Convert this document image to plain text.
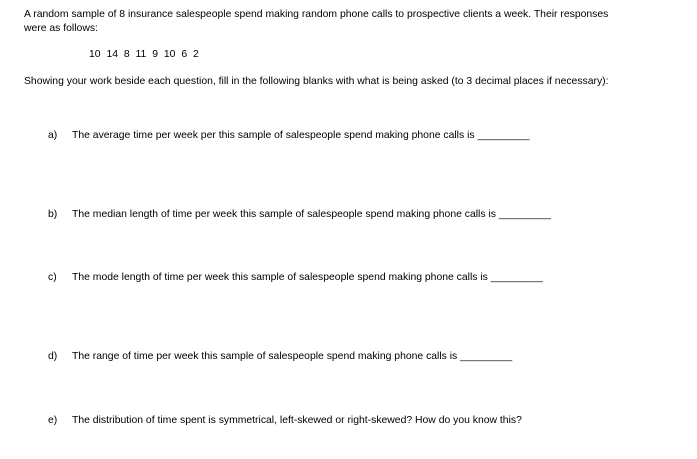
A random sample of 8 insurance salespeople spend making random phone calls to prospective clients a week. Their responses
were as follows:
10 14 8 11 9 10 6 2
Showing your work beside each question, fill in the following blanks with what is being asked (to 3 decimal places if necessary):
a) The average time per week per this sample of salespeople spend making phone calls is _________
b) The median length of time per week this sample of salespeople spend making phone calls is _________
c) The mode length of time per week this sample of salespeople spend making phone calls is _________
d) The range of time per week this sample of salespeople spend making phone calls is _________
e) The distribution of time spent is symmetrical, left-skewed or right-skewed? How do you know this?
